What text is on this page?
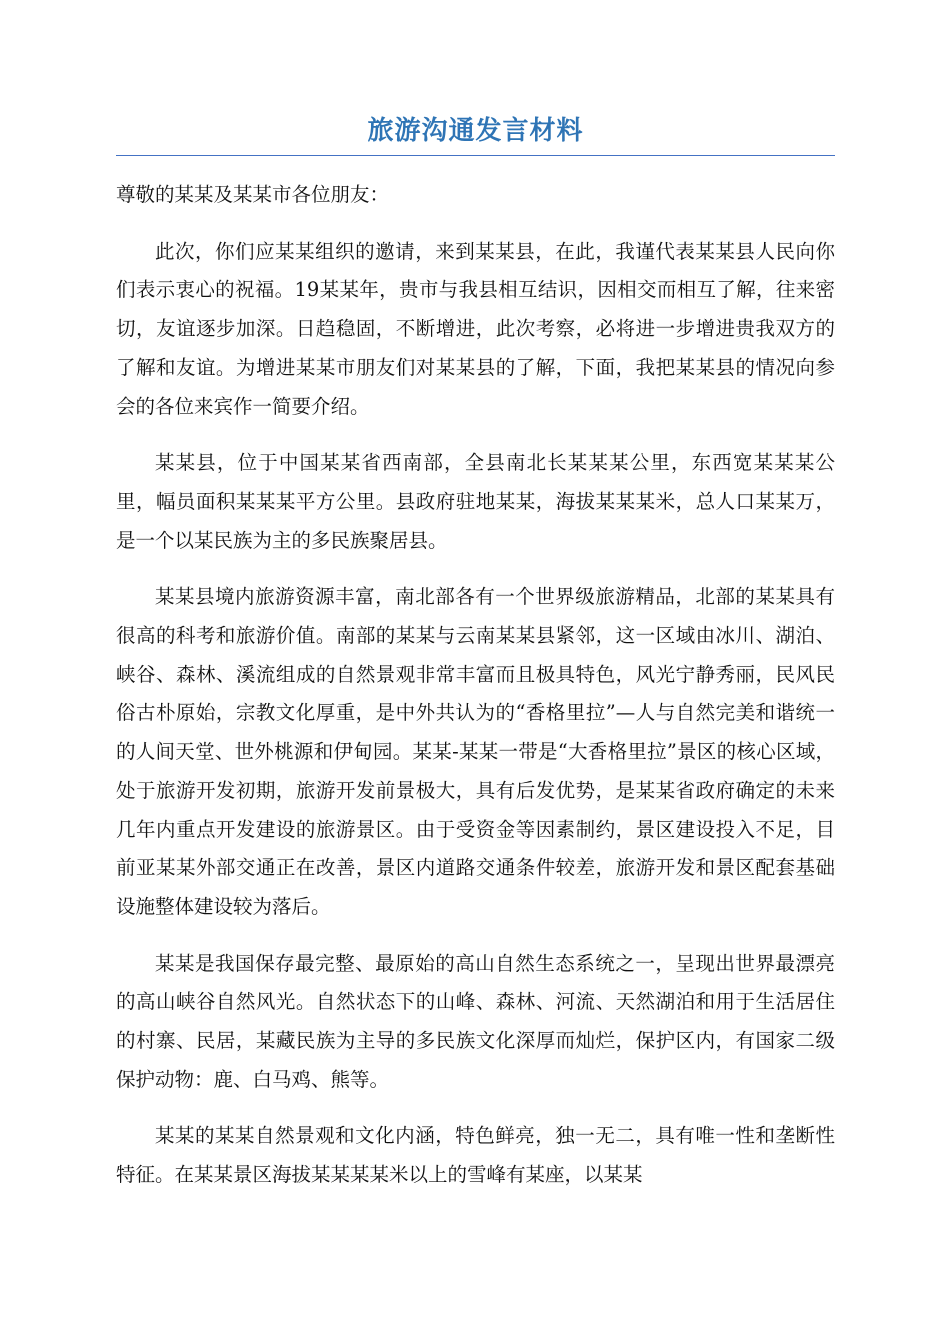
旅游沟通发言材料

尊敬的某某及某某市各位朋友：

此次，你们应某某组织的邀请，来到某某县，在此，我谨代表某某县人民向你们表示衷心的祝福。19某某年，贵市与我县相互结识，因相交而相互了解，往来密切，友谊逐步加深。日趋稳固，不断增进，此次考察，必将进一步增进贵我双方的了解和友谊。为增进某某市朋友们对某某县的了解，下面，我把某某县的情况向参会的各位来宾作一简要介绍。

某某县，位于中国某某省西南部，全县南北长某某某公里，东西宽某某某公里，幅员面积某某某平方公里。县政府驻地某某，海拔某某某米，总人口某某万，是一个以某民族为主的多民族聚居县。

某某县境内旅游资源丰富，南北部各有一个世界级旅游精品，北部的某某具有很高的科考和旅游价值。南部的某某与云南某某县紧邻，这一区域由冰川、湖泊、峡谷、森林、溪流组成的自然景观非常丰富而且极具特色，风光宁静秀丽，民风民俗古朴原始，宗教文化厚重，是中外共认为的“香格里拉”—人与自然完美和谐统一的人间天堂、世外桃源和伊甸园。某某-某某一带是“大香格里拉”景区的核心区域，处于旅游开发初期，旅游开发前景极大，具有后发优势，是某某省政府确定的未来几年内重点开发建设的旅游景区。由于受资金等因素制约，景区建设投入不足，目前亚某某外部交通正在改善，景区内道路交通条件较差，旅游开发和景区配套基础设施整体建设较为落后。

某某是我国保存最完整、最原始的高山自然生态系统之一，呈现出世界最漂亮的高山峡谷自然风光。自然状态下的山峰、森林、河流、天然湖泊和用于生活居住的村寨、民居，某藏民族为主导的多民族文化深厚而灿烂，保护区内，有国家二级保护动物：鹿、白马鸡、熊等。

某某的某某自然景观和文化内涵，特色鲜亮，独一无二，具有唯一性和垄断性特征。在某某景区海拔某某某某米以上的雪峰有某座，以某某
